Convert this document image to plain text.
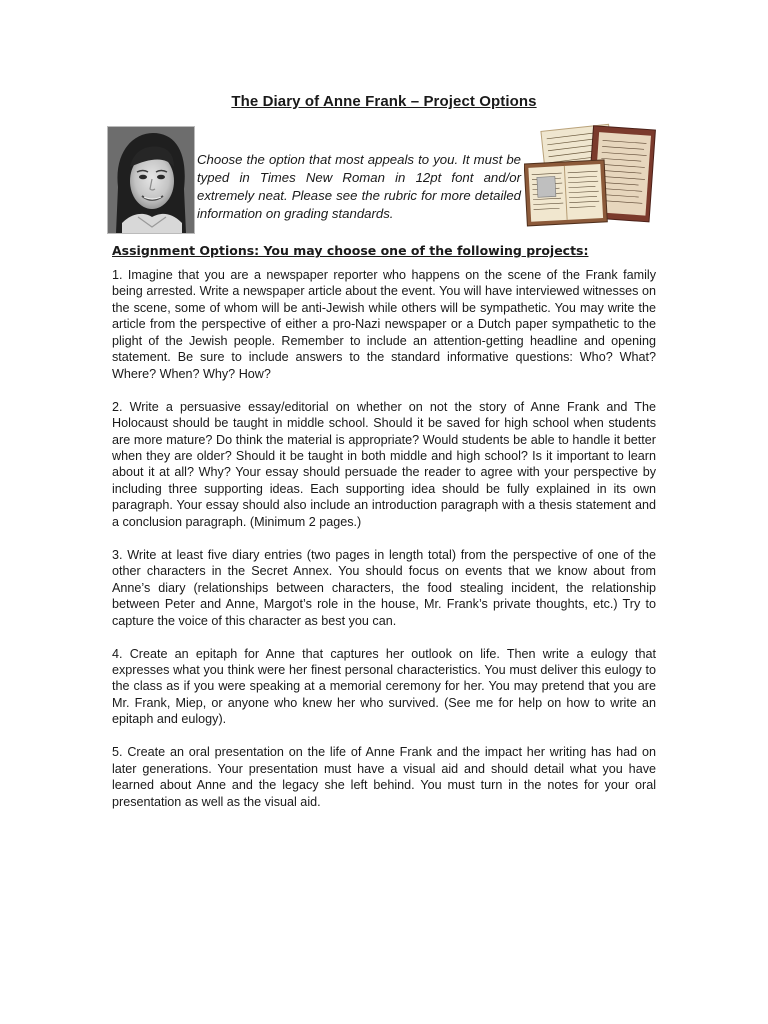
The Diary of Anne Frank – Project Options
Choose the option that most appeals to you. It must be typed in Times New Roman in 12pt font and/or extremely neat. Please see the rubric for more detailed information on grading standards.
Assignment Options: You may choose one of the following projects:

1. Imagine that you are a newspaper reporter who happens on the scene of the Frank family being arrested. Write a newspaper article about the event. You will have interviewed witnesses on the scene, some of whom will be anti-Jewish while others will be sympathetic. You may write the article from the perspective of either a pro-Nazi newspaper or a Dutch paper sympathetic to the plight of the Jewish people. Remember to include an attention-getting headline and opening statement. Be sure to include answers to the standard informative questions: Who? What? Where? When? Why? How?

2. Write a persuasive essay/editorial on whether on not the story of Anne Frank and The Holocaust should be taught in middle school. Should it be saved for high school when students are more mature? Do think the material is appropriate? Would students be able to handle it better when they are older? Should it be taught in both middle and high school? Is it important to learn about it at all? Why? Your essay should persuade the reader to agree with your perspective by including three supporting ideas. Each supporting idea should be fully explained in its own paragraph. Your essay should also include an introduction paragraph with a thesis statement and a conclusion paragraph. (Minimum 2 pages.)

3. Write at least five diary entries (two pages in length total) from the perspective of one of the other characters in the Secret Annex. You should focus on events that we know about from Anne’s diary (relationships between characters, the food stealing incident, the relationship between Peter and Anne, Margot’s role in the house, Mr. Frank’s private thoughts, etc.) Try to capture the voice of this character as best you can.

4. Create an epitaph for Anne that captures her outlook on life. Then write a eulogy that expresses what you think were her finest personal characteristics. You must deliver this eulogy to the class as if you were speaking at a memorial ceremony for her. You may pretend that you are Mr. Frank, Miep, or anyone who knew her who survived. (See me for help on how to write an epitaph and eulogy).

5. Create an oral presentation on the life of Anne Frank and the impact her writing has had on later generations. Your presentation must have a visual aid and should detail what you have learned about Anne and the legacy she left behind. You must turn in the notes for your oral presentation as well as the visual aid.
